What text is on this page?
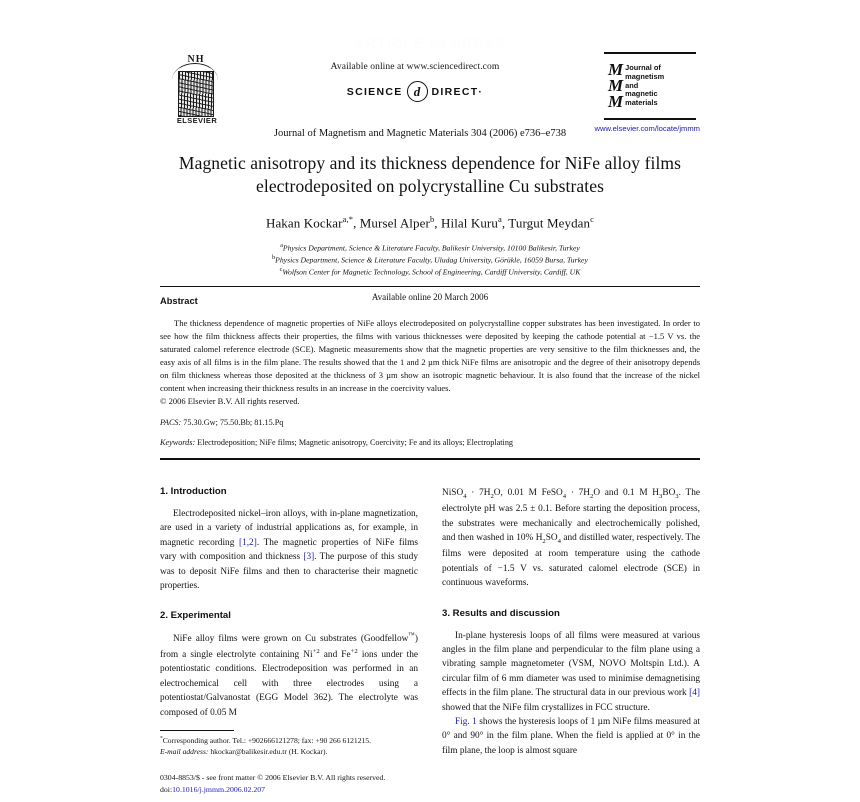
ARTICLE IN PRESS
NH
ELSEVIER
Available online at www.sciencedirect.com
SCIENCE d	DIRECT·
Journal of Magnetism and Magnetic Materials 304 (2006) e736–e738
M
M
M
Journal of
magnetism
and
magnetic
materials
www.elsevier.com/locate/jmmm
Magnetic anisotropy and its thickness dependence for NiFe alloy films electrodeposited on polycrystalline Cu substrates
Hakan Kockar$^{a,*}$, Mursel Alper$^b$, Hilal Kuru$^a$, Turgut Meydan$^c$
$^a$Physics Department, Science & Literature Faculty, Balikesir University, 10100 Balikesir, Turkey
$^b$Physics Department, Science & Literature Faculty, Uludag University, Görükle, 16059 Bursa, Turkey
$^c$Wolfson Center for Magnetic Technology, School of Engineering, Cardiff University, Cardiff, UK
Available online 20 March 2006
Abstract

The thickness dependence of magnetic properties of NiFe alloys electrodeposited on polycrystalline copper substrates has been investigated. In order to see how the film thickness affects their properties, the films with various thicknesses were deposited by keeping the cathode potential at −1.5 V vs. the saturated calomel reference electrode (SCE). Magnetic measurements show that the magnetic properties are very sensitive to the film thicknesses and, the easy axis of all films is in the film plane. The results showed that the 1 and 2 µm thick NiFe films are anisotropic and the degree of their anisotropy depends on film thickness whereas those deposited at the thickness of 3 µm show an isotropic magnetic behaviour. It is also found that the increase of the nickel content when increasing their thickness results in an increase in the coercivity values.

© 2006 Elsevier B.V. All rights reserved.

PACS: 75.30.Gw; 75.50.Bb; 81.15.Pq
Keywords: Electrodeposition; NiFe films; Magnetic anisotropy, Coercivity; Fe and its alloys; Electroplating
1. Introduction

Electrodeposited nickel–iron alloys, with in-plane magnetization, are used in a variety of industrial applications as, for example, in magnetic recording [1,2]. The magnetic properties of NiFe films vary with composition and thickness [3]. The purpose of this study was to deposit NiFe films and then to characterise their magnetic properties.

2. Experimental

NiFe alloy films were grown on Cu substrates (Goodfellow™) from a single electrolyte containing $Ni^{+2}$ and $Fe^{+2}$ ions under the potentiostatic conditions. Electrodeposition was performed in an electrochemical cell with three electrodes using a potentiostat/Galvanostat (EGG Model 362). The electrolyte was composed of 0.05 M

NiSO$_4$ · $7H_2O$, 0.01 M FeSO$_4$ · $7H_2O$ and 0.1 M $H_3BO_3$. The electrolyte pH was 2.5 ± 0.1. Before starting the deposition process, the substrates were mechanically and electrochemically polished, and then washed in 10% $H_2SO_4$ and distilled water, respectively. The films were deposited at room temperature using the cathode potentials of −1.5 V vs. saturated calomel electrode (SCE) in continuous waveforms.

3. Results and discussion

In-plane hysteresis loops of all films were measured at various angles in the film plane and perpendicular to the film plane using a vibrating sample magnetometer (VSM, NOVO Moltspin Ltd.). A circular film of 6 mm diameter was used to minimise demagnetising effects in the film plane. The structural data in our previous work [4] showed that the NiFe film crystallizes in FCC structure.

Fig. 1 shows the hysteresis loops of 1 µm NiFe films measured at 0° and 90° in the film plane. When the field is applied at 0° in the film plane, the loop is almost square

*Corresponding author. Tel.: +902666121278; fax: +90 266 6121215.
E-mail address: hkockar@balikesir.edu.tr (H. Kockar).
0304-8853/$ - see front matter © 2006 Elsevier B.V. All rights reserved.
doi:10.1016/j.jmmm.2006.02.207
